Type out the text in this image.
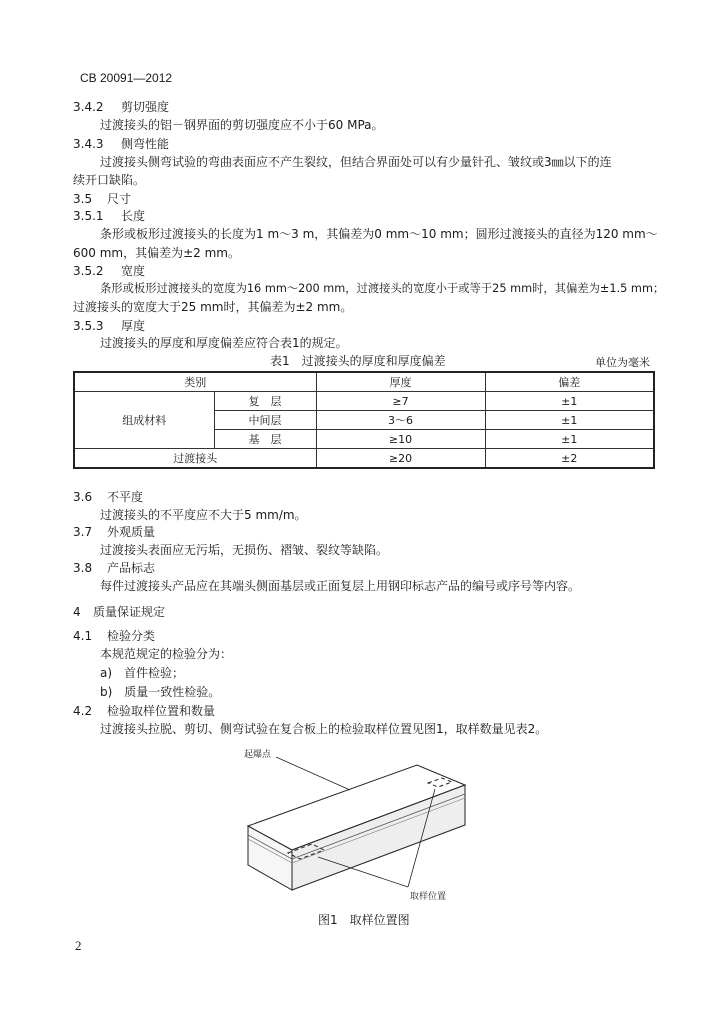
CB 20091—2012
3.4.2 剪切强度
过渡接头的铝－钢界面的剪切强度应不小于60 MPa。
3.4.3 侧弯性能
过渡接头侧弯试验的弯曲表面应不产生裂纹，但结合界面处可以有少量针孔、皱纹或3㎜以下的连
续开口缺陷。
3.5 尺寸
3.5.1 长度
条形或板形过渡接头的长度为1 m～3 m，其偏差为0 mm～10 mm；圆形过渡接头的直径为120 mm～
600 mm，其偏差为±2 mm。
3.5.2 宽度
条形或板形过渡接头的宽度为16 mm～200 mm，过渡接头的宽度小于或等于25 mm时，其偏差为±1.5 mm；
过渡接头的宽度大于25 mm时，其偏差为±2 mm。
3.5.3 厚度
过渡接头的厚度和厚度偏差应符合表1的规定。
表1　过渡接头的厚度和厚度偏差	单位为毫米
类别		厚度	偏差
组成材料	复　层	≥7	±1
	中间层	3～6	±1
	基　层	≥10	±1
过渡接头		≥20	±2
3.6 不平度
过渡接头的不平度应不大于5 mm/m。
3.7 外观质量
过渡接头表面应无污垢，无损伤、褶皱、裂纹等缺陷。
3.8 产品标志
每件过渡接头产品应在其端头侧面基层或正面复层上用钢印标志产品的编号或序号等内容。
4 质量保证规定
4.1 检验分类
本规范规定的检验分为：
a)　首件检验；
b)　质量一致性检验。
4.2 检验取样位置和数量
过渡接头拉脱、剪切、侧弯试验在复合板上的检验取样位置见图1，取样数量见表2。
起爆点
取样位置
图1　取样位置图
2
